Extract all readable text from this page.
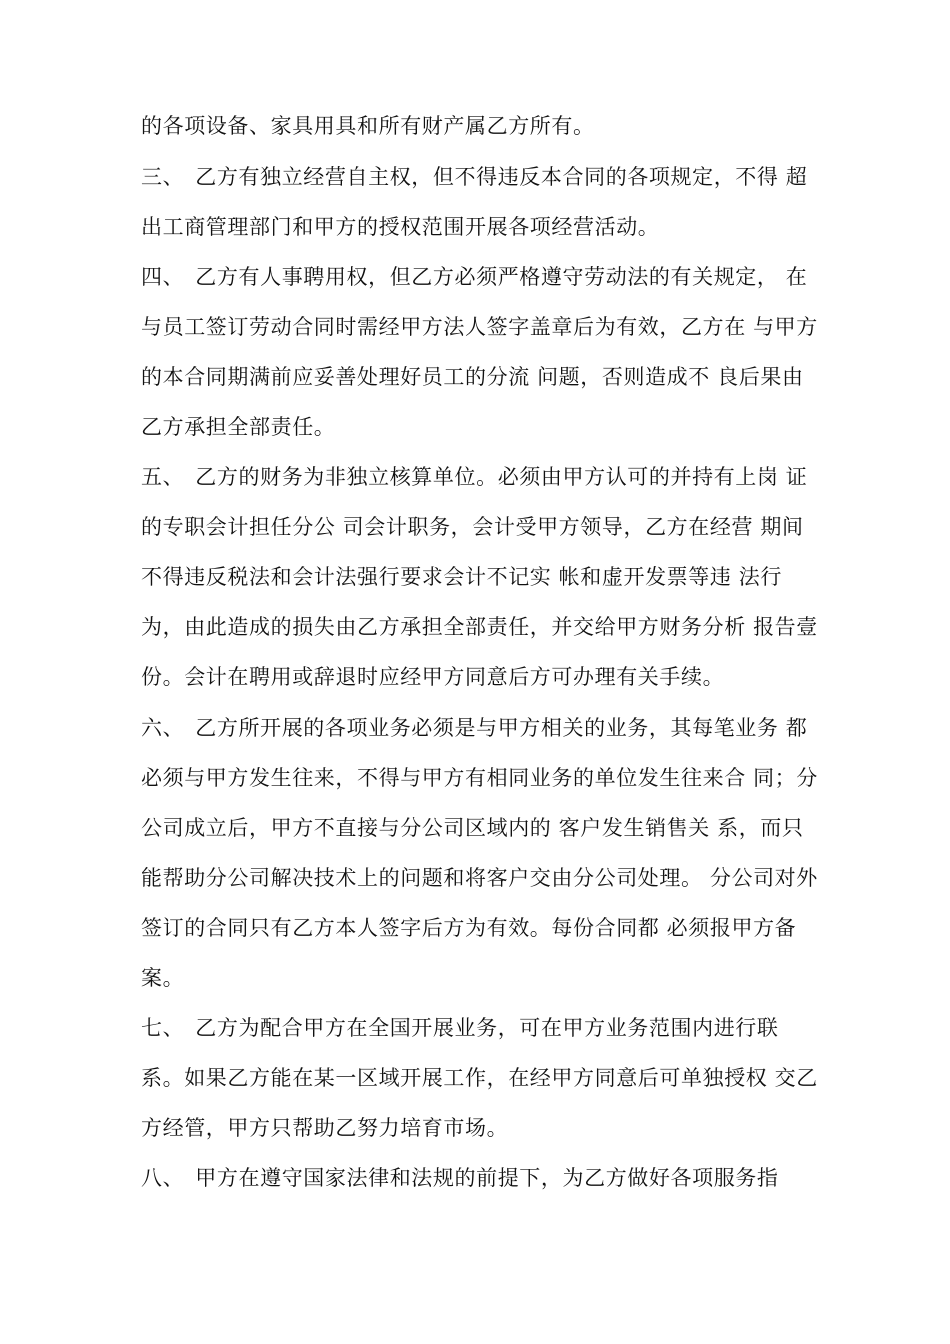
的各项设备、家具用具和所有财产属乙方所有。
三、　乙方有独立经营自主权，但不得违反本合同的各项规定，不得 超
出工商管理部门和甲方的授权范围开展各项经营活动。
四、　乙方有人事聘用权，但乙方必须严格遵守劳动法的有关规定， 在
与员工签订劳动合同时需经甲方法人签字盖章后为有效，乙方在 与甲方
的本合同期满前应妥善处理好员工的分流 问题，否则造成不 良后果由
乙方承担全部责任。
五、　乙方的财务为非独立核算单位。必须由甲方认可的并持有上岗 证
的专职会计担任分公 司会计职务，会计受甲方领导，乙方在经营 期间
不得违反税法和会计法强行要求会计不记实 帐和虚开发票等违 法行
为，由此造成的损失由乙方承担全部责任，并交给甲方财务分析 报告壹
份。会计在聘用或辞退时应经甲方同意后方可办理有关手续。
六、　乙方所开展的各项业务必须是与甲方相关的业务，其每笔业务 都
必须与甲方发生往来，不得与甲方有相同业务的单位发生往来合 同；分
公司成立后，甲方不直接与分公司区域内的 客户发生销售关 系，而只
能帮助分公司解决技术上的问题和将客户交由分公司处理。 分公司对外
签订的合同只有乙方本人签字后方为有效。每份合同都 必须报甲方备
案。
七、　乙方为配合甲方在全国开展业务，可在甲方业务范围内进行联
系。如果乙方能在某一区域开展工作，在经甲方同意后可单独授权 交乙
方经管，甲方只帮助乙努力培育市场。
八、　甲方在遵守国家法律和法规的前提下，为乙方做好各项服务指
